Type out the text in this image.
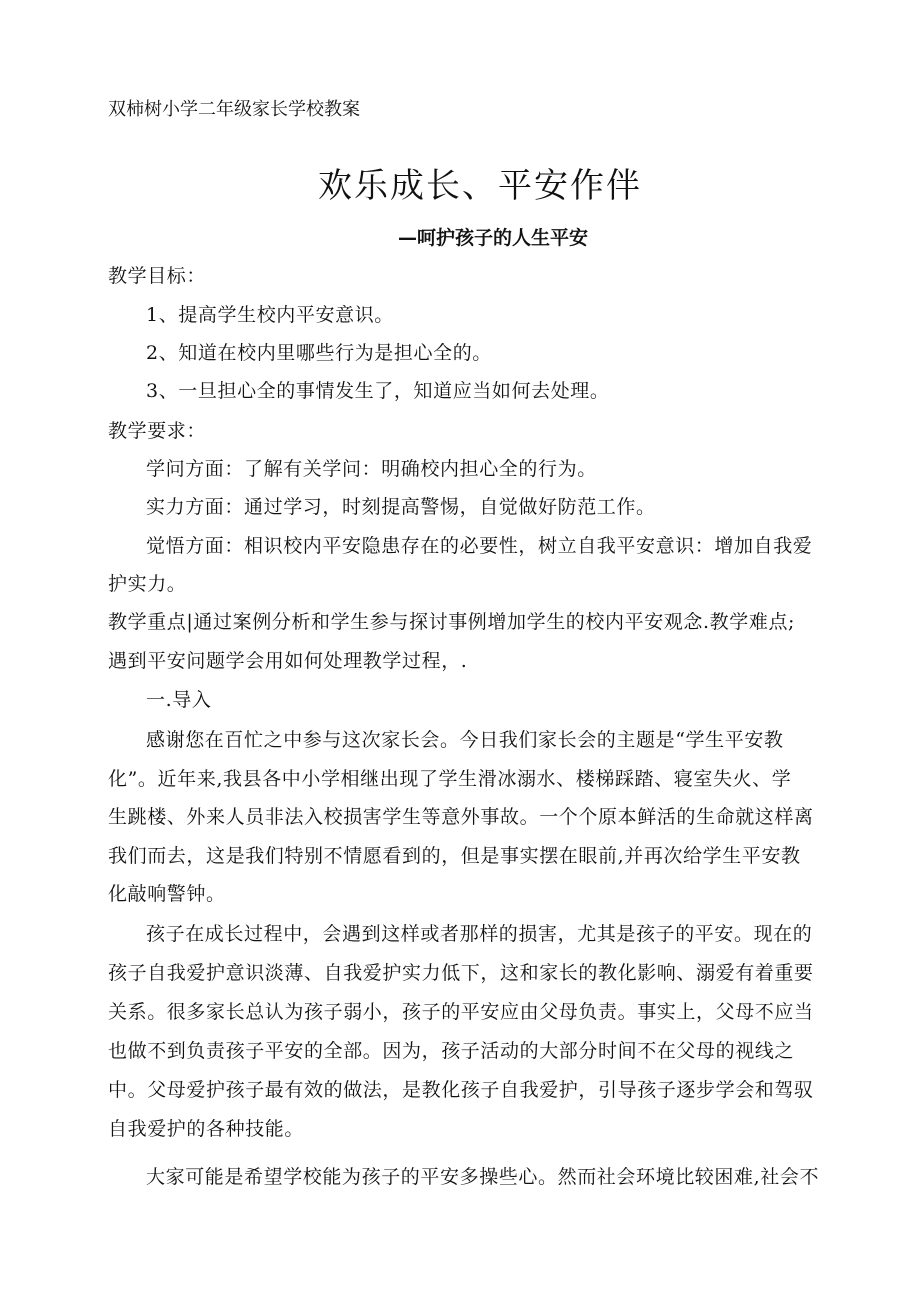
双柿树小学二年级家长学校教案
欢乐成长、平安作伴
—呵护孩子的人生平安
教学目标：
1、提高学生校内平安意识。
2、知道在校内里哪些行为是担心全的。
3、一旦担心全的事情发生了，知道应当如何去处理。
教学要求：
学问方面：了解有关学问：明确校内担心全的行为。
实力方面：通过学习，时刻提高警惕，自觉做好防范工作。
觉悟方面：相识校内平安隐患存在的必要性，树立自我平安意识：增加自我爱
护实力。
教学重点|通过案例分析和学生参与探讨事例增加学生的校内平安观念.教学难点;
遇到平安问题学会用如何处理教学过程，.
一.导入
感谢您在百忙之中参与这次家长会。今日我们家长会的主题是“学生平安教
化”。近年来,我县各中小学相继出现了学生滑冰溺水、楼梯踩踏、寝室失火、学
生跳楼、外来人员非法入校损害学生等意外事故。一个个原本鲜活的生命就这样离
我们而去，这是我们特别不情愿看到的，但是事实摆在眼前,并再次给学生平安教
化敲响警钟。
孩子在成长过程中，会遇到这样或者那样的损害，尤其是孩子的平安。现在的
孩子自我爱护意识淡薄、自我爱护实力低下，这和家长的教化影响、溺爱有着重要
关系。很多家长总认为孩子弱小，孩子的平安应由父母负责。事实上，父母不应当
也做不到负责孩子平安的全部。因为，孩子活动的大部分时间不在父母的视线之
中。父母爱护孩子最有效的做法，是教化孩子自我爱护，引导孩子逐步学会和驾驭
自我爱护的各种技能。
大家可能是希望学校能为孩子的平安多操些心。然而社会环境比较困难,社会不
